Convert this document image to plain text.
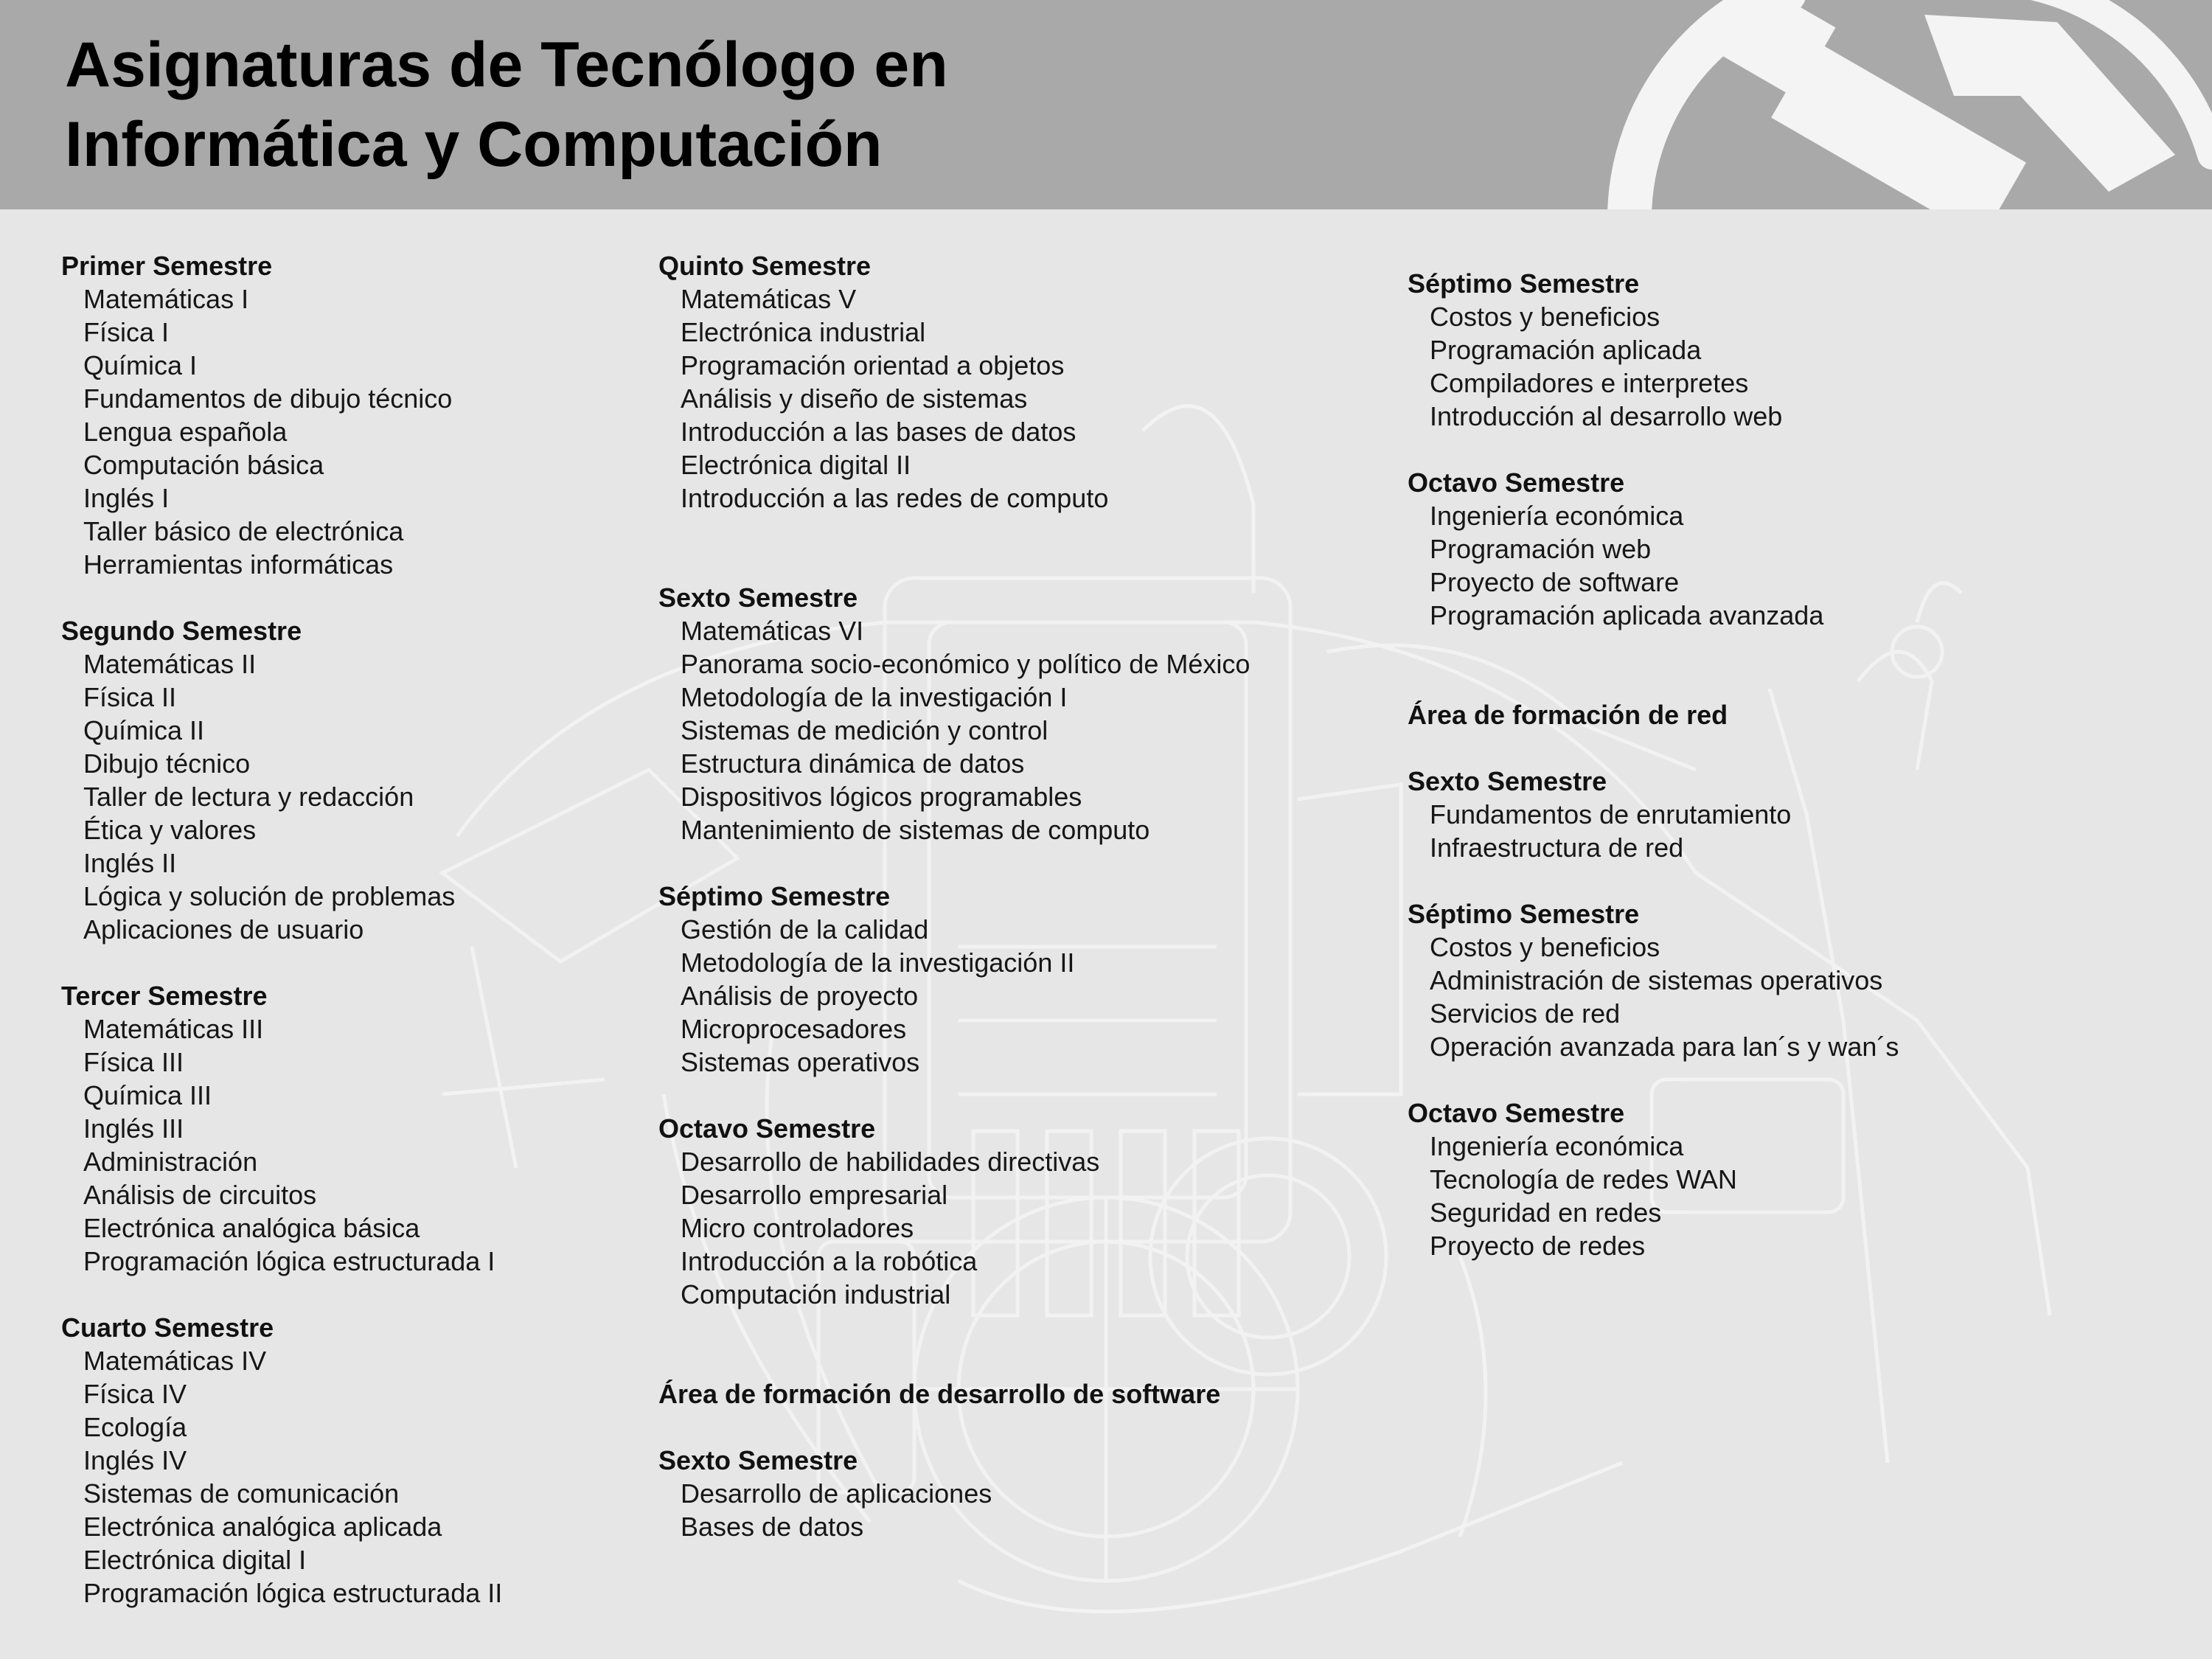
Asignaturas de Tecnólogo en
Informática y Computación
Primer Semestre
Matemáticas I
Física I
Química I
Fundamentos de dibujo técnico
Lengua española
Computación básica
Inglés I
Taller básico de electrónica
Herramientas informáticas
Segundo Semestre
Matemáticas II
Física II
Química II
Dibujo técnico
Taller de lectura y redacción
Ética y valores
Inglés II
Lógica y solución de problemas
Aplicaciones de usuario
Tercer Semestre
Matemáticas III
Física III
Química III
Inglés III
Administración
Análisis de circuitos
Electrónica analógica básica
Programación lógica estructurada I
Cuarto Semestre
Matemáticas IV
Física IV
Ecología
Inglés IV
Sistemas de comunicación
Electrónica analógica aplicada
Electrónica digital I
Programación lógica estructurada II
Quinto Semestre
Matemáticas V
Electrónica industrial
Programación orientad a objetos
Análisis y diseño de sistemas
Introducción a las bases de datos
Electrónica digital II
Introducción a las redes de computo
Sexto Semestre
Matemáticas VI
Panorama socio-económico y político de México
Metodología de la investigación I
Sistemas de medición y control
Estructura dinámica de datos
Dispositivos lógicos programables
Mantenimiento de sistemas de computo
Séptimo Semestre
Gestión de la calidad
Metodología de la investigación II
Análisis de proyecto
Microprocesadores
Sistemas operativos
Octavo Semestre
Desarrollo de habilidades directivas
Desarrollo empresarial
Micro controladores
Introducción a la robótica
Computación industrial
Área de formación de desarrollo de software
Sexto Semestre
Desarrollo de aplicaciones
Bases de datos
Séptimo Semestre
Costos y beneficios
Programación aplicada
Compiladores e interpretes
Introducción al desarrollo web
Octavo Semestre
Ingeniería económica
Programación web
Proyecto de software
Programación aplicada avanzada
Área de formación de red
Sexto Semestre
Fundamentos de enrutamiento
Infraestructura de red
Séptimo Semestre
Costos y beneficios
Administración de sistemas operativos
Servicios de red
Operación avanzada para lan´s y wan´s
Octavo Semestre
Ingeniería económica
Tecnología de redes WAN
Seguridad en redes
Proyecto de redes
